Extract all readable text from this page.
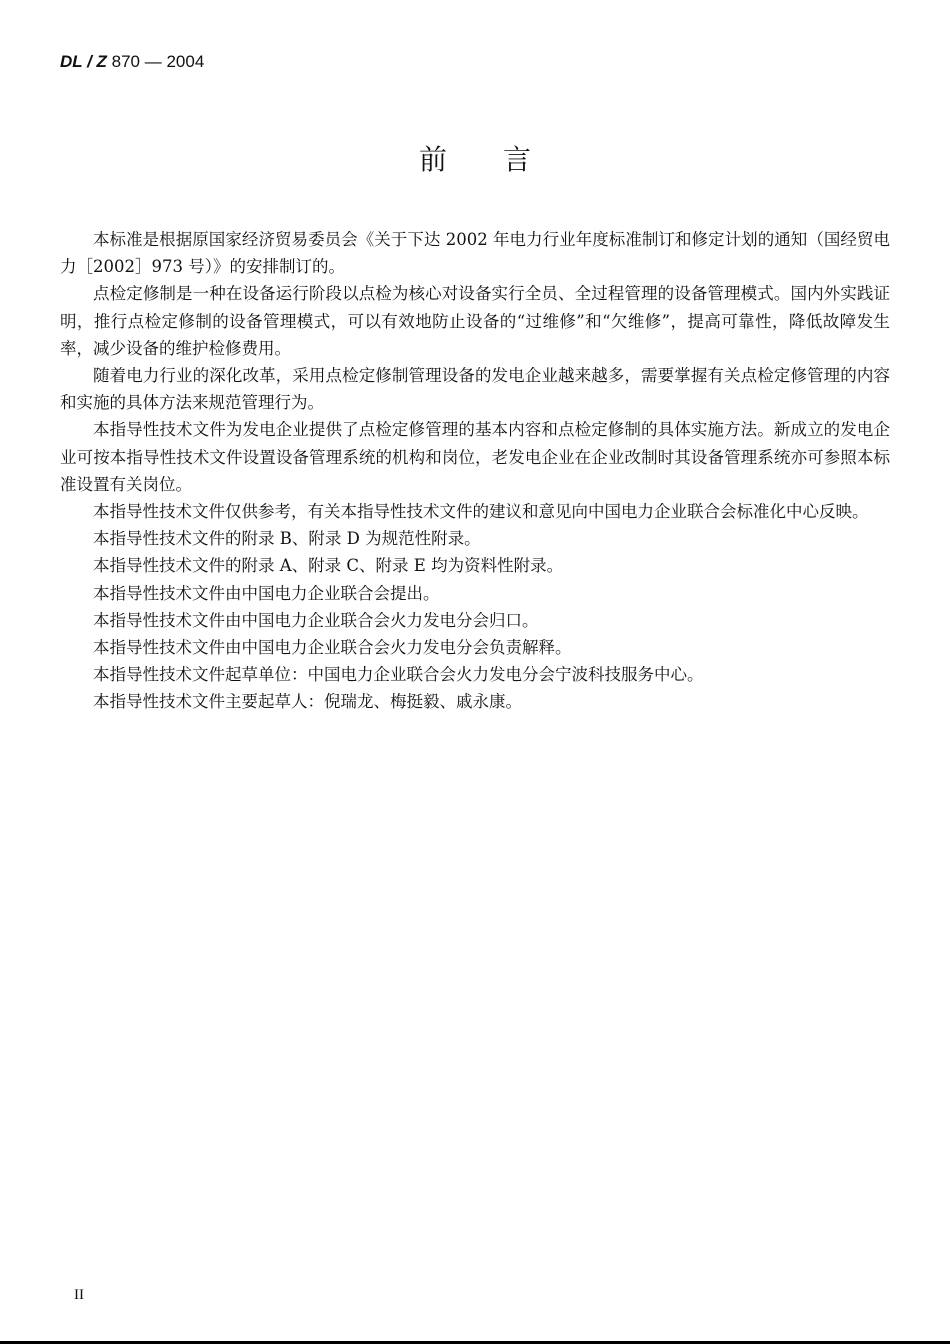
DL / Z 870 — 2004
前言

本标准是根据原国家经济贸易委员会《关于下达 2002 年电力行业年度标准制订和修定计划的通知（国经贸电力［2002］973 号）》的安排制订的。

点检定修制是一种在设备运行阶段以点检为核心对设备实行全员、全过程管理的设备管理模式。国内外实践证明，推行点检定修制的设备管理模式，可以有效地防止设备的“过维修”和“欠维修”，提高可靠性，降低故障发生率，减少设备的维护检修费用。

随着电力行业的深化改革，采用点检定修制管理设备的发电企业越来越多，需要掌握有关点检定修管理的内容和实施的具体方法来规范管理行为。

本指导性技术文件为发电企业提供了点检定修管理的基本内容和点检定修制的具体实施方法。新成立的发电企业可按本指导性技术文件设置设备管理系统的机构和岗位，老发电企业在企业改制时其设备管理系统亦可参照本标准设置有关岗位。

本指导性技术文件仅供参考，有关本指导性技术文件的建议和意见向中国电力企业联合会标准化中心反映。

本指导性技术文件的附录 B、附录 D 为规范性附录。

本指导性技术文件的附录 A、附录 C、附录 E 均为资料性附录。

本指导性技术文件由中国电力企业联合会提出。

本指导性技术文件由中国电力企业联合会火力发电分会归口。

本指导性技术文件由中国电力企业联合会火力发电分会负责解释。

本指导性技术文件起草单位：中国电力企业联合会火力发电分会宁波科技服务中心。

本指导性技术文件主要起草人：倪瑞龙、梅挺毅、戚永康。

II
